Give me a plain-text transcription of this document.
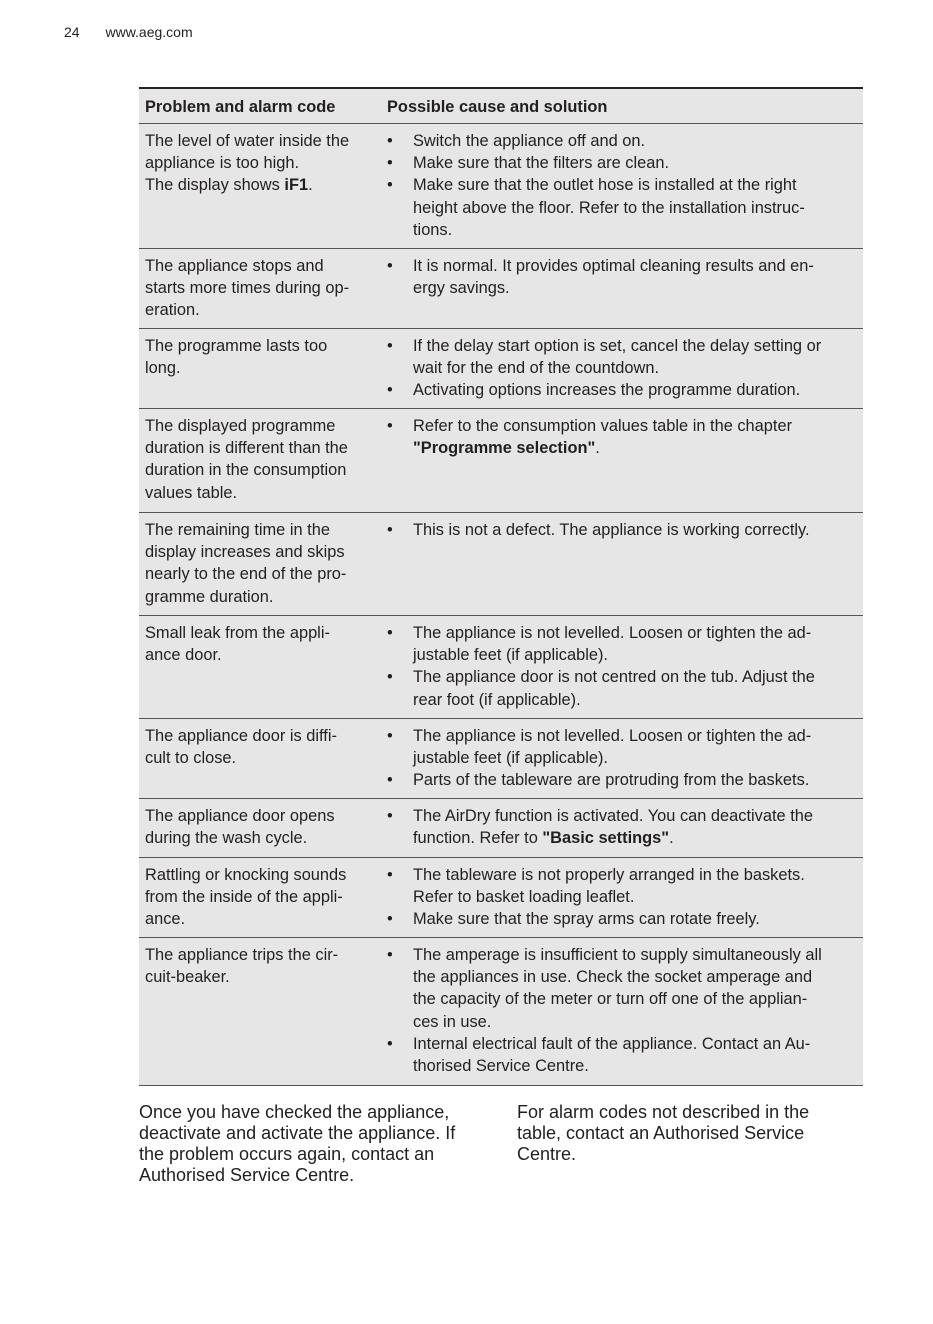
24 www.aeg.com
Problem and alarm code	Possible cause and solution
The level of water inside the
appliance is too high.
The display shows iF1.
•	Switch the appliance off and on.
•	Make sure that the filters are clean.
•	Make sure that the outlet hose is installed at the right
height above the floor. Refer to the installation instruc-
tions.
The appliance stops and
starts more times during op-
eration.
•	It is normal. It provides optimal cleaning results and en-
ergy savings.
The programme lasts too
long.
•	If the delay start option is set, cancel the delay setting or
wait for the end of the countdown.
•	Activating options increases the programme duration.
The displayed programme
duration is different than the
duration in the consumption
values table.
•	Refer to the consumption values table in the chapter
"Programme selection".
The remaining time in the
display increases and skips
nearly to the end of the pro-
gramme duration.
•	This is not a defect. The appliance is working correctly.
Small leak from the appli-
ance door.
•	The appliance is not levelled. Loosen or tighten the ad-
justable feet (if applicable).
•	The appliance door is not centred on the tub. Adjust the
rear foot (if applicable).
The appliance door is diffi-
cult to close.
•	The appliance is not levelled. Loosen or tighten the ad-
justable feet (if applicable).
•	Parts of the tableware are protruding from the baskets.
The appliance door opens
during the wash cycle.
•	The AirDry function is activated. You can deactivate the
function. Refer to "Basic settings".
Rattling or knocking sounds
from the inside of the appli-
ance.
•	The tableware is not properly arranged in the baskets.
Refer to basket loading leaflet.
•	Make sure that the spray arms can rotate freely.
The appliance trips the cir-
cuit-beaker.
•	The amperage is insufficient to supply simultaneously all
the appliances in use. Check the socket amperage and
the capacity of the meter or turn off one of the applian-
ces in use.
•	Internal electrical fault of the appliance. Contact an Au-
thorised Service Centre.
Once you have checked the appliance,
deactivate and activate the appliance. If
the problem occurs again, contact an
Authorised Service Centre.
For alarm codes not described in the
table, contact an Authorised Service
Centre.
